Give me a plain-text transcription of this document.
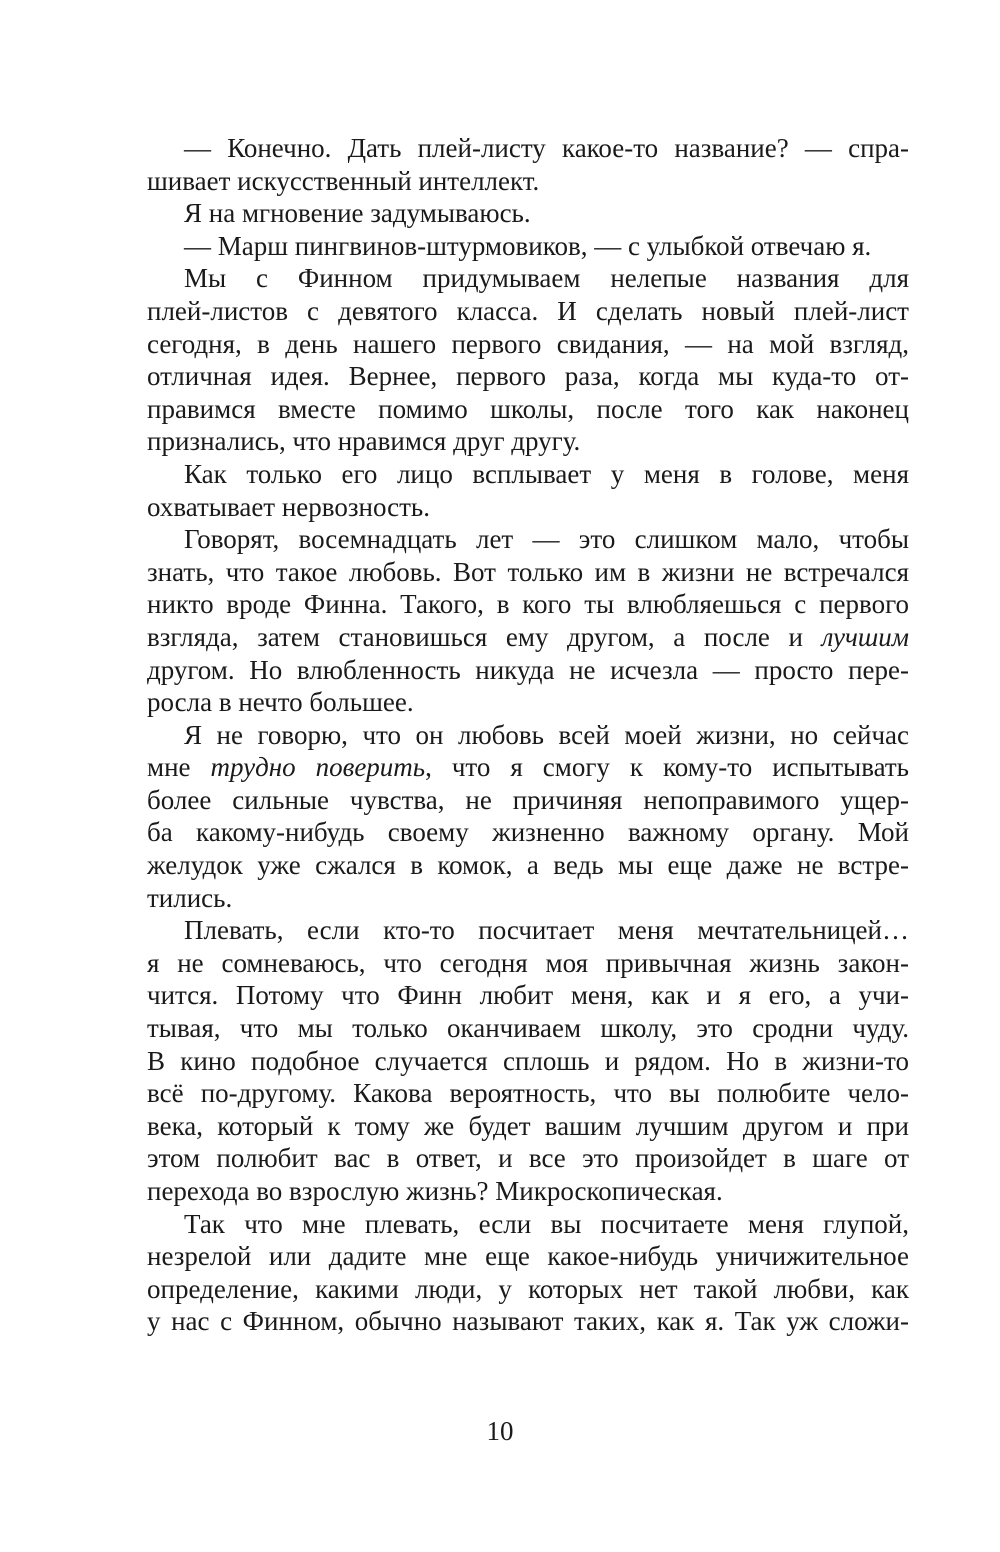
— Конечно. Дать плей-листу какое-то название? — спра-
шивает искусственный интеллект.
Я на мгновение задумываюсь.
— Марш пингвинов-штурмовиков, — с улыбкой отвечаю я.
Мы с Финном придумываем нелепые названия для
плей-листов с девятого класса. И сделать новый плей-лист
сегодня, в день нашего первого свидания, — на мой взгляд,
отличная идея. Вернее, первого раза, когда мы куда-то от-
правимся вместе помимо школы, после того как наконец
признались, что нравимся друг другу.
Как только его лицо всплывает у меня в голове, меня
охватывает нервозность.
Говорят, восемнадцать лет — это слишком мало, чтобы
знать, что такое любовь. Вот только им в жизни не встречался
никто вроде Финна. Такого, в кого ты влюбляешься с первого
взгляда, затем становишься ему другом, а после и лучшим
другом. Но влюбленность никуда не исчезла — просто пере-
росла в нечто большее.
Я не говорю, что он любовь всей моей жизни, но сейчас
мне трудно поверить, что я смогу к кому-то испытывать
более сильные чувства, не причиняя непоправимого ущер-
ба какому-нибудь своему жизненно важному органу. Мой
желудок уже сжался в комок, а ведь мы еще даже не встре-
тились.
Плевать, если кто-то посчитает меня мечтательницей…
я не сомневаюсь, что сегодня моя привычная жизнь закон-
чится. Потому что Финн любит меня, как и я его, а учи-
тывая, что мы только оканчиваем школу, это сродни чуду.
В кино подобное случается сплошь и рядом. Но в жизни-то
всё по-другому. Какова вероятность, что вы полюбите чело-
века, который к тому же будет вашим лучшим другом и при
этом полюбит вас в ответ, и все это произойдет в шаге от
перехода во взрослую жизнь? Микроскопическая.
Так что мне плевать, если вы посчитаете меня глупой,
незрелой или дадите мне еще какое-нибудь уничижительное
определение, какими люди, у которых нет такой любви, как
у нас с Финном, обычно называют таких, как я. Так уж сложи-
10
